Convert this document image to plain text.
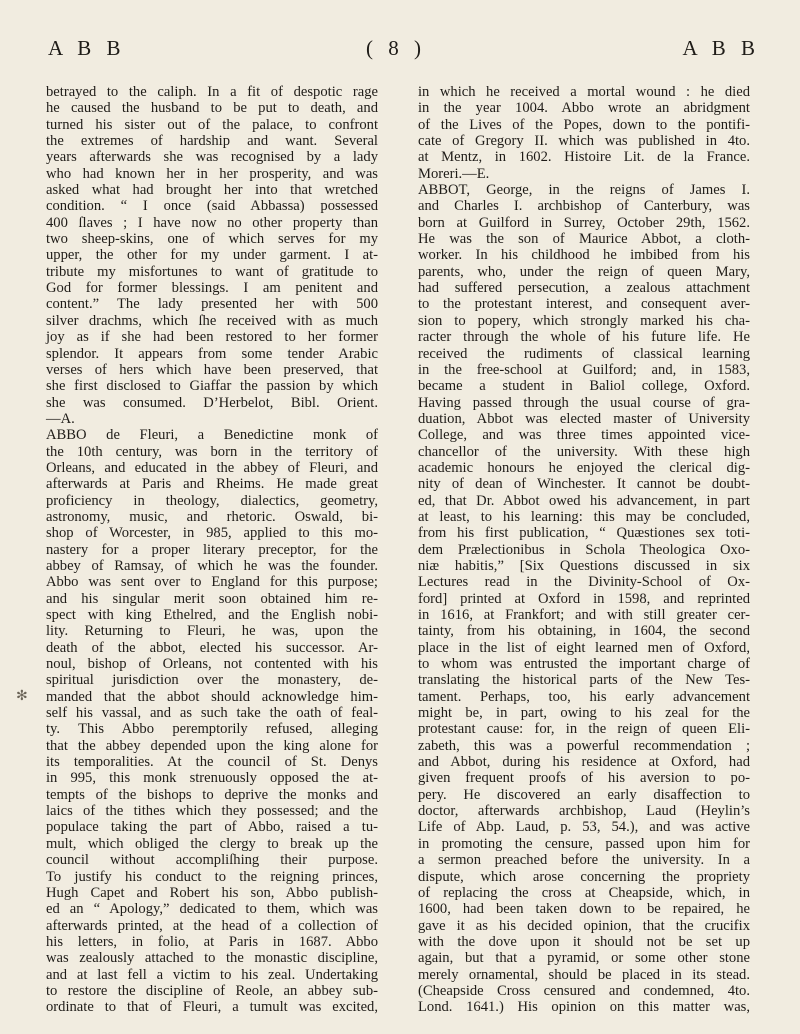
A B B	( 8 )	A B B
✻
betrayed to the caliph. In a fit of despotic rage
he caused the husband to be put to death, and
turned his sister out of the palace, to confront
the extremes of hardship and want. Several
years afterwards she was recognised by a lady
who had known her in her prosperity, and was
asked what had brought her into that wretched
condition. “ I once (said Abbassa) possessed
400 ſlaves ; I have now no other property than
two sheep-skins, one of which serves for my
upper, the other for my under garment. I at-
tribute my misfortunes to want of gratitude to
God for former blessings. I am penitent and
content.” The lady presented her with 500
silver drachms, which ſhe received with as much
joy as if she had been restored to her former
splendor. It appears from some tender Arabic
verses of hers which have been preserved, that
she first disclosed to Giaffar the passion by which
she was consumed. D’Herbelot, Bibl. Orient.
—A.
ABBO de Fleuri, a Benedictine monk of
the 10th century, was born in the territory of
Orleans, and educated in the abbey of Fleuri, and
afterwards at Paris and Rheims. He made great
proficiency in theology, dialectics, geometry,
astronomy, music, and rhetoric. Oswald, bi-
shop of Worcester, in 985, applied to this mo-
nastery for a proper literary preceptor, for the
abbey of Ramsay, of which he was the founder.
Abbo was sent over to England for this purpose;
and his singular merit soon obtained him re-
spect with king Ethelred, and the English nobi-
lity. Returning to Fleuri, he was, upon the
death of the abbot, elected his successor. Ar-
noul, bishop of Orleans, not contented with his
spiritual jurisdiction over the monastery, de-
manded that the abbot should acknowledge him-
self his vassal, and as such take the oath of feal-
ty. This Abbo peremptorily refused, alleging
that the abbey depended upon the king alone for
its temporalities. At the council of St. Denys
in 995, this monk strenuously opposed the at-
tempts of the bishops to deprive the monks and
laics of the tithes which they possessed; and the
populace taking the part of Abbo, raised a tu-
mult, which obliged the clergy to break up the
council without accompliſhing their purpose.
To justify his conduct to the reigning princes,
Hugh Capet and Robert his son, Abbo publish-
ed an “ Apology,” dedicated to them, which was
afterwards printed, at the head of a collection of
his letters, in folio, at Paris in 1687. Abbo
was zealously attached to the monastic discipline,
and at last fell a victim to his zeal. Undertaking
to restore the discipline of Reole, an abbey sub-
ordinate to that of Fleuri, a tumult was excited,
in which he received a mortal wound : he died
in the year 1004. Abbo wrote an abridgment
of the Lives of the Popes, down to the pontifi-
cate of Gregory II. which was published in 4to.
at Mentz, in 1602. Histoire Lit. de la France.
Moreri.—E.
ABBOT, George, in the reigns of James I.
and Charles I. archbishop of Canterbury, was
born at Guilford in Surrey, October 29th, 1562.
He was the son of Maurice Abbot, a cloth-
worker. In his childhood he imbibed from his
parents, who, under the reign of queen Mary,
had suffered persecution, a zealous attachment
to the protestant interest, and consequent aver-
sion to popery, which strongly marked his cha-
racter through the whole of his future life. He
received the rudiments of classical learning
in the free-school at Guilford; and, in 1583,
became a student in Baliol college, Oxford.
Having passed through the usual course of gra-
duation, Abbot was elected master of University
College, and was three times appointed vice-
chancellor of the university. With these high
academic honours he enjoyed the clerical dig-
nity of dean of Winchester. It cannot be doubt-
ed, that Dr. Abbot owed his advancement, in part
at least, to his learning: this may be concluded,
from his first publication, “ Quæstiones sex toti-
dem Prælectionibus in Schola Theologica Oxo-
niæ habitis,” [Six Questions discussed in six
Lectures read in the Divinity-School of Ox-
ford] printed at Oxford in 1598, and reprinted
in 1616, at Frankfort; and with still greater cer-
tainty, from his obtaining, in 1604, the second
place in the list of eight learned men of Oxford,
to whom was entrusted the important charge of
translating the historical parts of the New Tes-
tament. Perhaps, too, his early advancement
might be, in part, owing to his zeal for the
protestant cause: for, in the reign of queen Eli-
zabeth, this was a powerful recommendation ;
and Abbot, during his residence at Oxford, had
given frequent proofs of his aversion to po-
pery. He discovered an early disaffection to
doctor, afterwards archbishop, Laud (Heylin’s
Life of Abp. Laud, p. 53, 54.), and was active
in promoting the censure, passed upon him for
a sermon preached before the university. In a
dispute, which arose concerning the propriety
of replacing the cross at Cheapside, which, in
1600, had been taken down to be repaired, he
gave it as his decided opinion, that the crucifix
with the dove upon it should not be set up
again, but that a pyramid, or some other stone
merely ornamental, should be placed in its stead.
(Cheapside Cross censured and condemned, 4to.
Lond. 1641.) His opinion on this matter was,
